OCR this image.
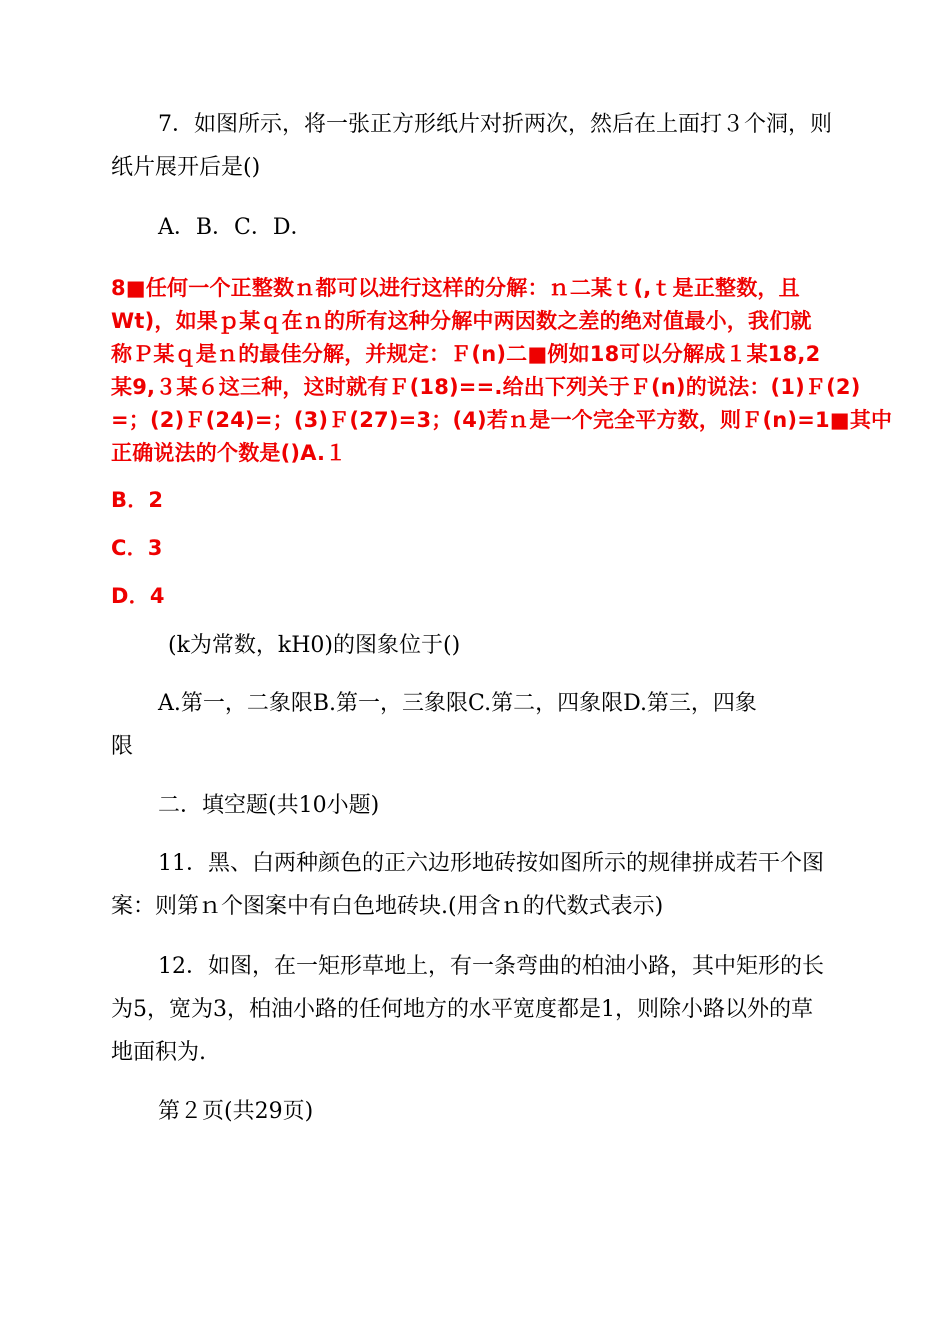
7．如图所示，将一张正方形纸片对折两次，然后在上面打３个洞，则
纸片展开后是()
A．B．C．D．
8■任何一个正整数ｎ都可以进行这样的分解：ｎ二某ｔ(,ｔ是正整数，且
Wt)，如果ｐ某ｑ在ｎ的所有这种分解中两因数之差的绝对值最小，我们就
称Ｐ某ｑ是ｎ的最佳分解，并规定：Ｆ(n)二■例如18可以分解成１某18,2
某9,３某６这三种，这时就有Ｆ(18)==.给出下列关于Ｆ(n)的说法：(1)Ｆ(2)
=；(2)Ｆ(24)=；(3)Ｆ(27)=3；(4)若ｎ是一个完全平方数，则Ｆ(n)=1■其中
正确说法的个数是()A.１
B．2
C．3
D．4
(k为常数，kH0)的图象位于()
A.第一，二象限B.第一，三象限C.第二，四象限D.第三，四象
限
二．填空题(共10小题)
11．黑、白两种颜色的正六边形地砖按如图所示的规律拼成若干个图
案：则第ｎ个图案中有白色地砖块.(用含ｎ的代数式表示)
12．如图，在一矩形草地上，有一条弯曲的柏油小路，其中矩形的长
为5，宽为3，柏油小路的任何地方的水平宽度都是1，则除小路以外的草
地面积为.
第２页(共29页)
